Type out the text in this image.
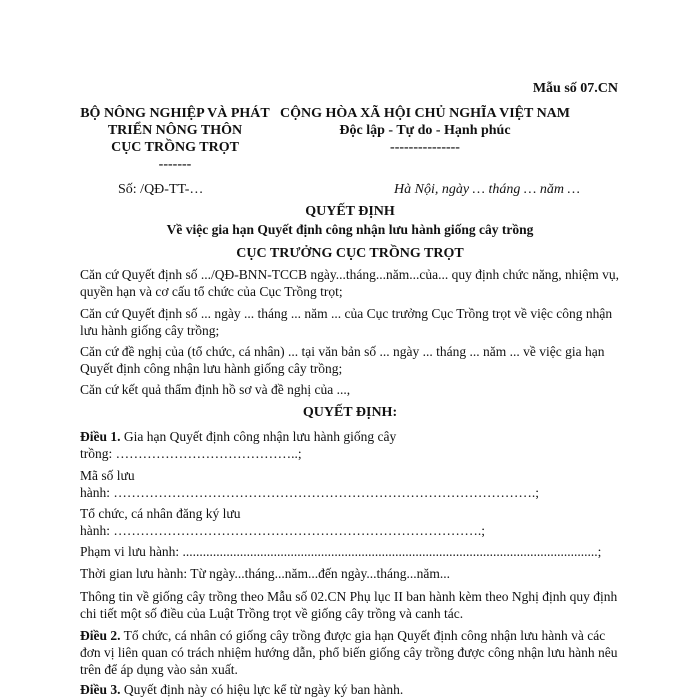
Mẫu số 07.CN
BỘ NÔNG NGHIỆP VÀ PHÁT
TRIỂN NÔNG THÔN
CỤC TRỒNG TRỌT
-------
CỘNG HÒA XÃ HỘI CHỦ NGHĨA VIỆT NAM
Độc lập - Tự do - Hạnh phúc
---------------
Số: /QĐ-TT-…	Hà Nội, ngày … tháng … năm …
QUYẾT ĐỊNH
Về việc gia hạn Quyết định công nhận lưu hành giống cây trồng
CỤC TRƯỞNG CỤC TRỒNG TRỌT
Căn cứ Quyết định số .../QĐ-BNN-TCCB ngày...tháng...năm...của... quy định chức năng, nhiệm vụ, quyền hạn và cơ cấu tổ chức của Cục Trồng trọt;
Căn cứ Quyết định số ... ngày ... tháng ... năm ... của Cục trưởng Cục Trồng trọt về việc công nhận lưu hành giống cây trồng;
Căn cứ đề nghị của (tổ chức, cá nhân) ... tại văn bản số ... ngày ... tháng ... năm ... về việc gia hạn Quyết định công nhận lưu hành giống cây trồng;
Căn cứ kết quả thẩm định hồ sơ và đề nghị của ...,
QUYẾT ĐỊNH:
Điều 1. Gia hạn Quyết định công nhận lưu hành giống cây
trồng: …………………………………..;
Mã số lưu
hành: ………………………………………………………………………………….;
Tổ chức, cá nhân đăng ký lưu
hành: ……………………………………………………………………….;
Phạm vi lưu hành: ...........................................................................................................................;
Thời gian lưu hành: Từ ngày...tháng...năm...đến ngày...tháng...năm...
Thông tin về giống cây trồng theo Mẫu số 02.CN Phụ lục II ban hành kèm theo Nghị định quy định chi tiết một số điều của Luật Trồng trọt về giống cây trồng và canh tác.
Điều 2. Tổ chức, cá nhân có giống cây trồng được gia hạn Quyết định công nhận lưu hành và các đơn vị liên quan có trách nhiệm hướng dẫn, phổ biến giống cây trồng được công nhận lưu hành nêu trên để áp dụng vào sản xuất.
Điều 3. Quyết định này có hiệu lực kể từ ngày ký ban hành.
